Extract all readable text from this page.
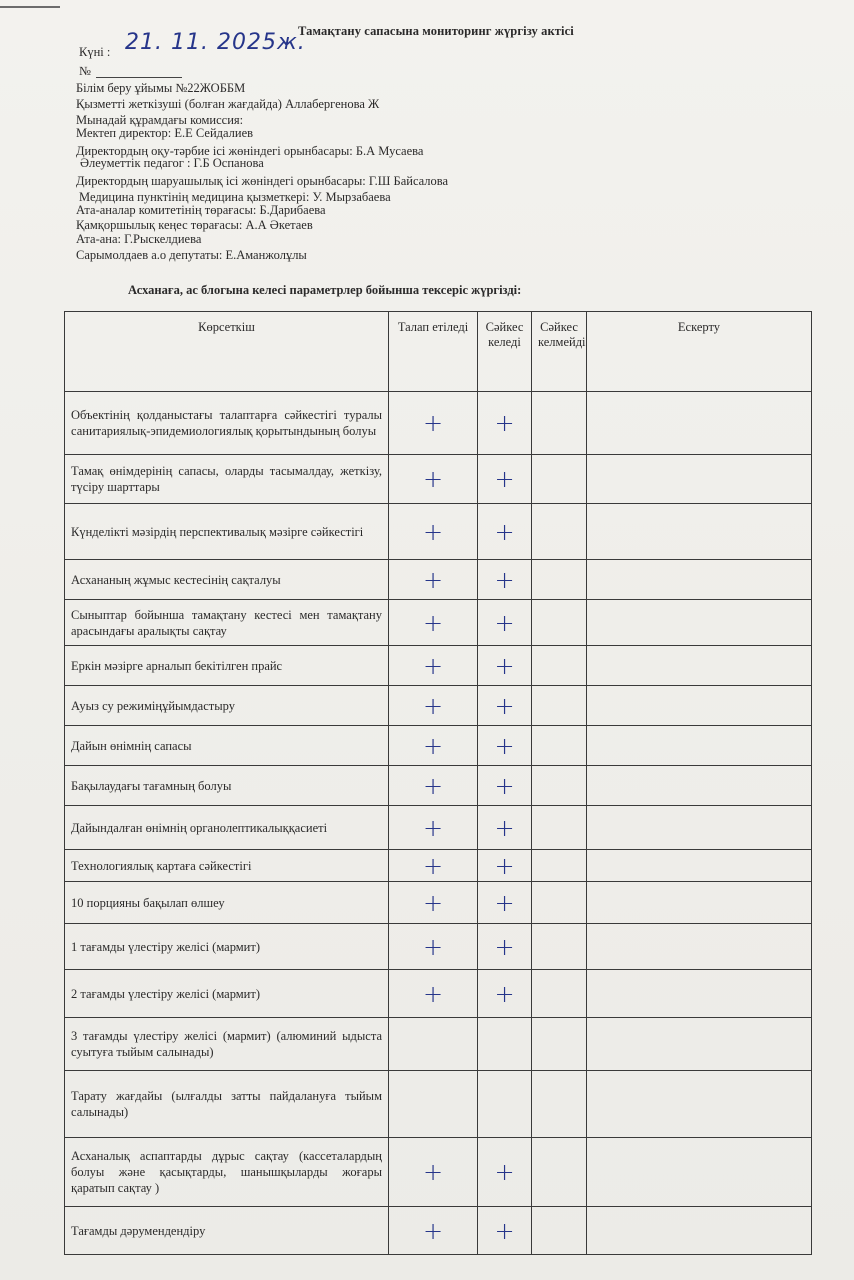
Тамақтану сапасына мониторинг жүргізу актісі
Күні : 21. 11. 2025ж.
№
Білім беру ұйымы №22ЖОББМ
Қызметті жеткізуші (болған жағдайда) Аллабергенова Ж
Мынадай құрамдағы комиссия:
Мектеп директор: Е.Е Сейдалиев
Директордың оқу-тәрбие ісі жөніндегі орынбасары: Б.А Мусаева
Әлеуметтік педагог : Г.Б Оспанова
Директордың шаруашылық ісі жөніндегі орынбасары: Г.Ш Байсалова
Медицина пунктінің медицина қызметкері: У. Мырзабаева
Ата-аналар комитетінің төрағасы: Б.Дарибаева
Қамқоршылық кеңес төрағасы: А.А Әкетаев
Ата-ана: Г.Рыскелдиева
Сарымолдаев а.о депутаты: Е.Аманжолұлы
Асханаға, ас блогына келесі параметрлер бойынша тексеріс жүргізді:
Көрсеткіш	Талап етіледі	Сәйкес келеді	Сәйкес келмейді	Ескерту
Объектінің қолданыстағы талаптарға сәйкестігі туралы санитариялық-эпидемиологиялық қорытындының болуы	+	+		
Тамақ өнімдерінің сапасы, оларды тасымалдау, жеткізу, түсіру шарттары	+	+		
Күнделікті мәзірдің перспективалық мәзірге сәйкестігі	+	+		
Асхананың жұмыс кестесінің сақталуы	+	+		
Сыныптар бойынша тамақтану кестесі мен тамақтану арасындағы аралықты сақтау	+	+		
Еркін мәзірге арналып бекітілген прайс	+	+		
Ауыз су режиміңұйымдастыру	+	+		
Дайын өнімнің сапасы	+	+		
Бақылаудағы тағамның болуы	+	+		
Дайындалған өнімнің органолептикалыққасиеті	+	+		
Технологиялық картаға сәйкестігі	+	+		
10 порцияны бақылап өлшеу	+	+		
1 тағамды үлестіру желісі (мармит)	+	+		
2 тағамды үлестіру желісі (мармит)	+	+		
3 тағамды үлестіру желісі (мармит) (алюминий ыдыста суытуға тыйым салынады)				
Тарату жағдайы (ылғалды затты пайдалануға тыйым салынады)				
Асханалық аспаптарды дұрыс сақтау (кассеталардың болуы және қасықтарды, шанышқыларды жоғары қаратып сақтау )	+	+		
Тағамды дәрумендендіру	+	+		
